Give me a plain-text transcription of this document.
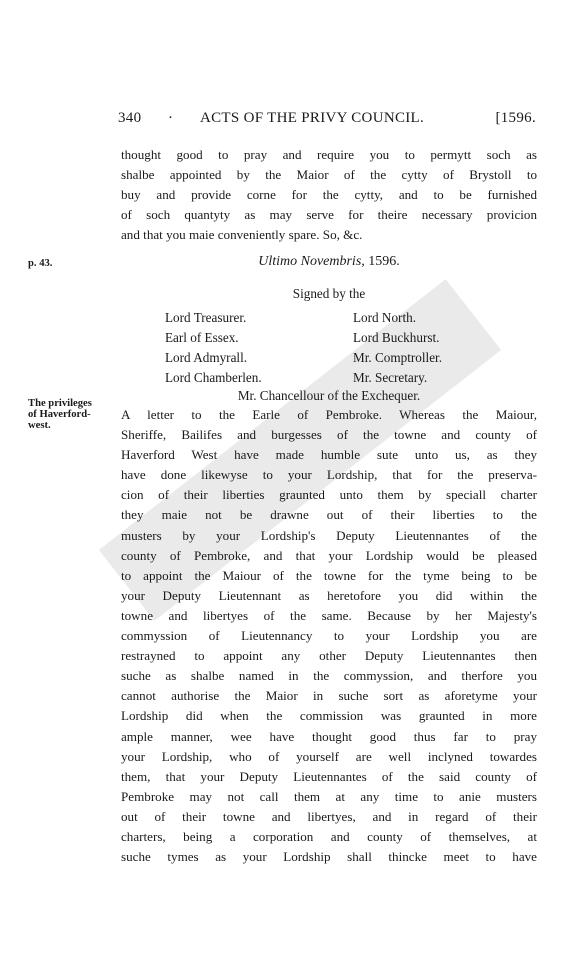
340 · ACTS OF THE PRIVY COUNCIL.	[1596.
thought good to pray and require you to permytt soch as
shalbe appointed by the Maior of the cytty of Brystoll to
buy and provide corne for the cytty, and to be furnished
of soch quantyty as may serve for theire necessary provicion
and that you maie conveniently spare. So, &c.
p. 43.	Ultimo Novembris, 1596.
Signed by the
Lord Treasurer.	Lord North.
Earl of Essex.	Lord Buckhurst.
Lord Admyrall.	Mr. Comptroller.
Lord Chamberlen.	Mr. Secretary.
Mr. Chancellour of the Exchequer.
The privileges
of Haverford-
west.
A letter to the Earle of Pembroke. Whereas the Maiour,
Sheriffe, Bailifes and burgesses of the towne and county of
Haverford West have made humble sute unto us, as they
have done likewyse to your Lordship, that for the preserva-
cion of their liberties graunted unto them by speciall charter
they maie not be drawne out of their liberties to the
musters by your Lordship's Deputy Lieutennantes of the
county of Pembroke, and that your Lordship would be pleased
to appoint the Maiour of the towne for the tyme being to be
your Deputy Lieutennant as heretofore you did within the
towne and libertyes of the same. Because by her Majesty's
commyssion of Lieutennancy to your Lordship you are
restrayned to appoint any other Deputy Lieutennantes then
suche as shalbe named in the commyssion, and therfore you
cannot authorise the Maior in suche sort as aforetyme your
Lordship did when the commission was graunted in more
ample manner, wee have thought good thus far to pray
your Lordship, who of yourself are well inclyned towardes
them, that your Deputy Lieutennantes of the said county of
Pembroke may not call them at any time to anie musters
out of their towne and libertyes, and in regard of their
charters, being a corporation and county of themselves, at
suche tymes as your Lordship shall thincke meet to have
